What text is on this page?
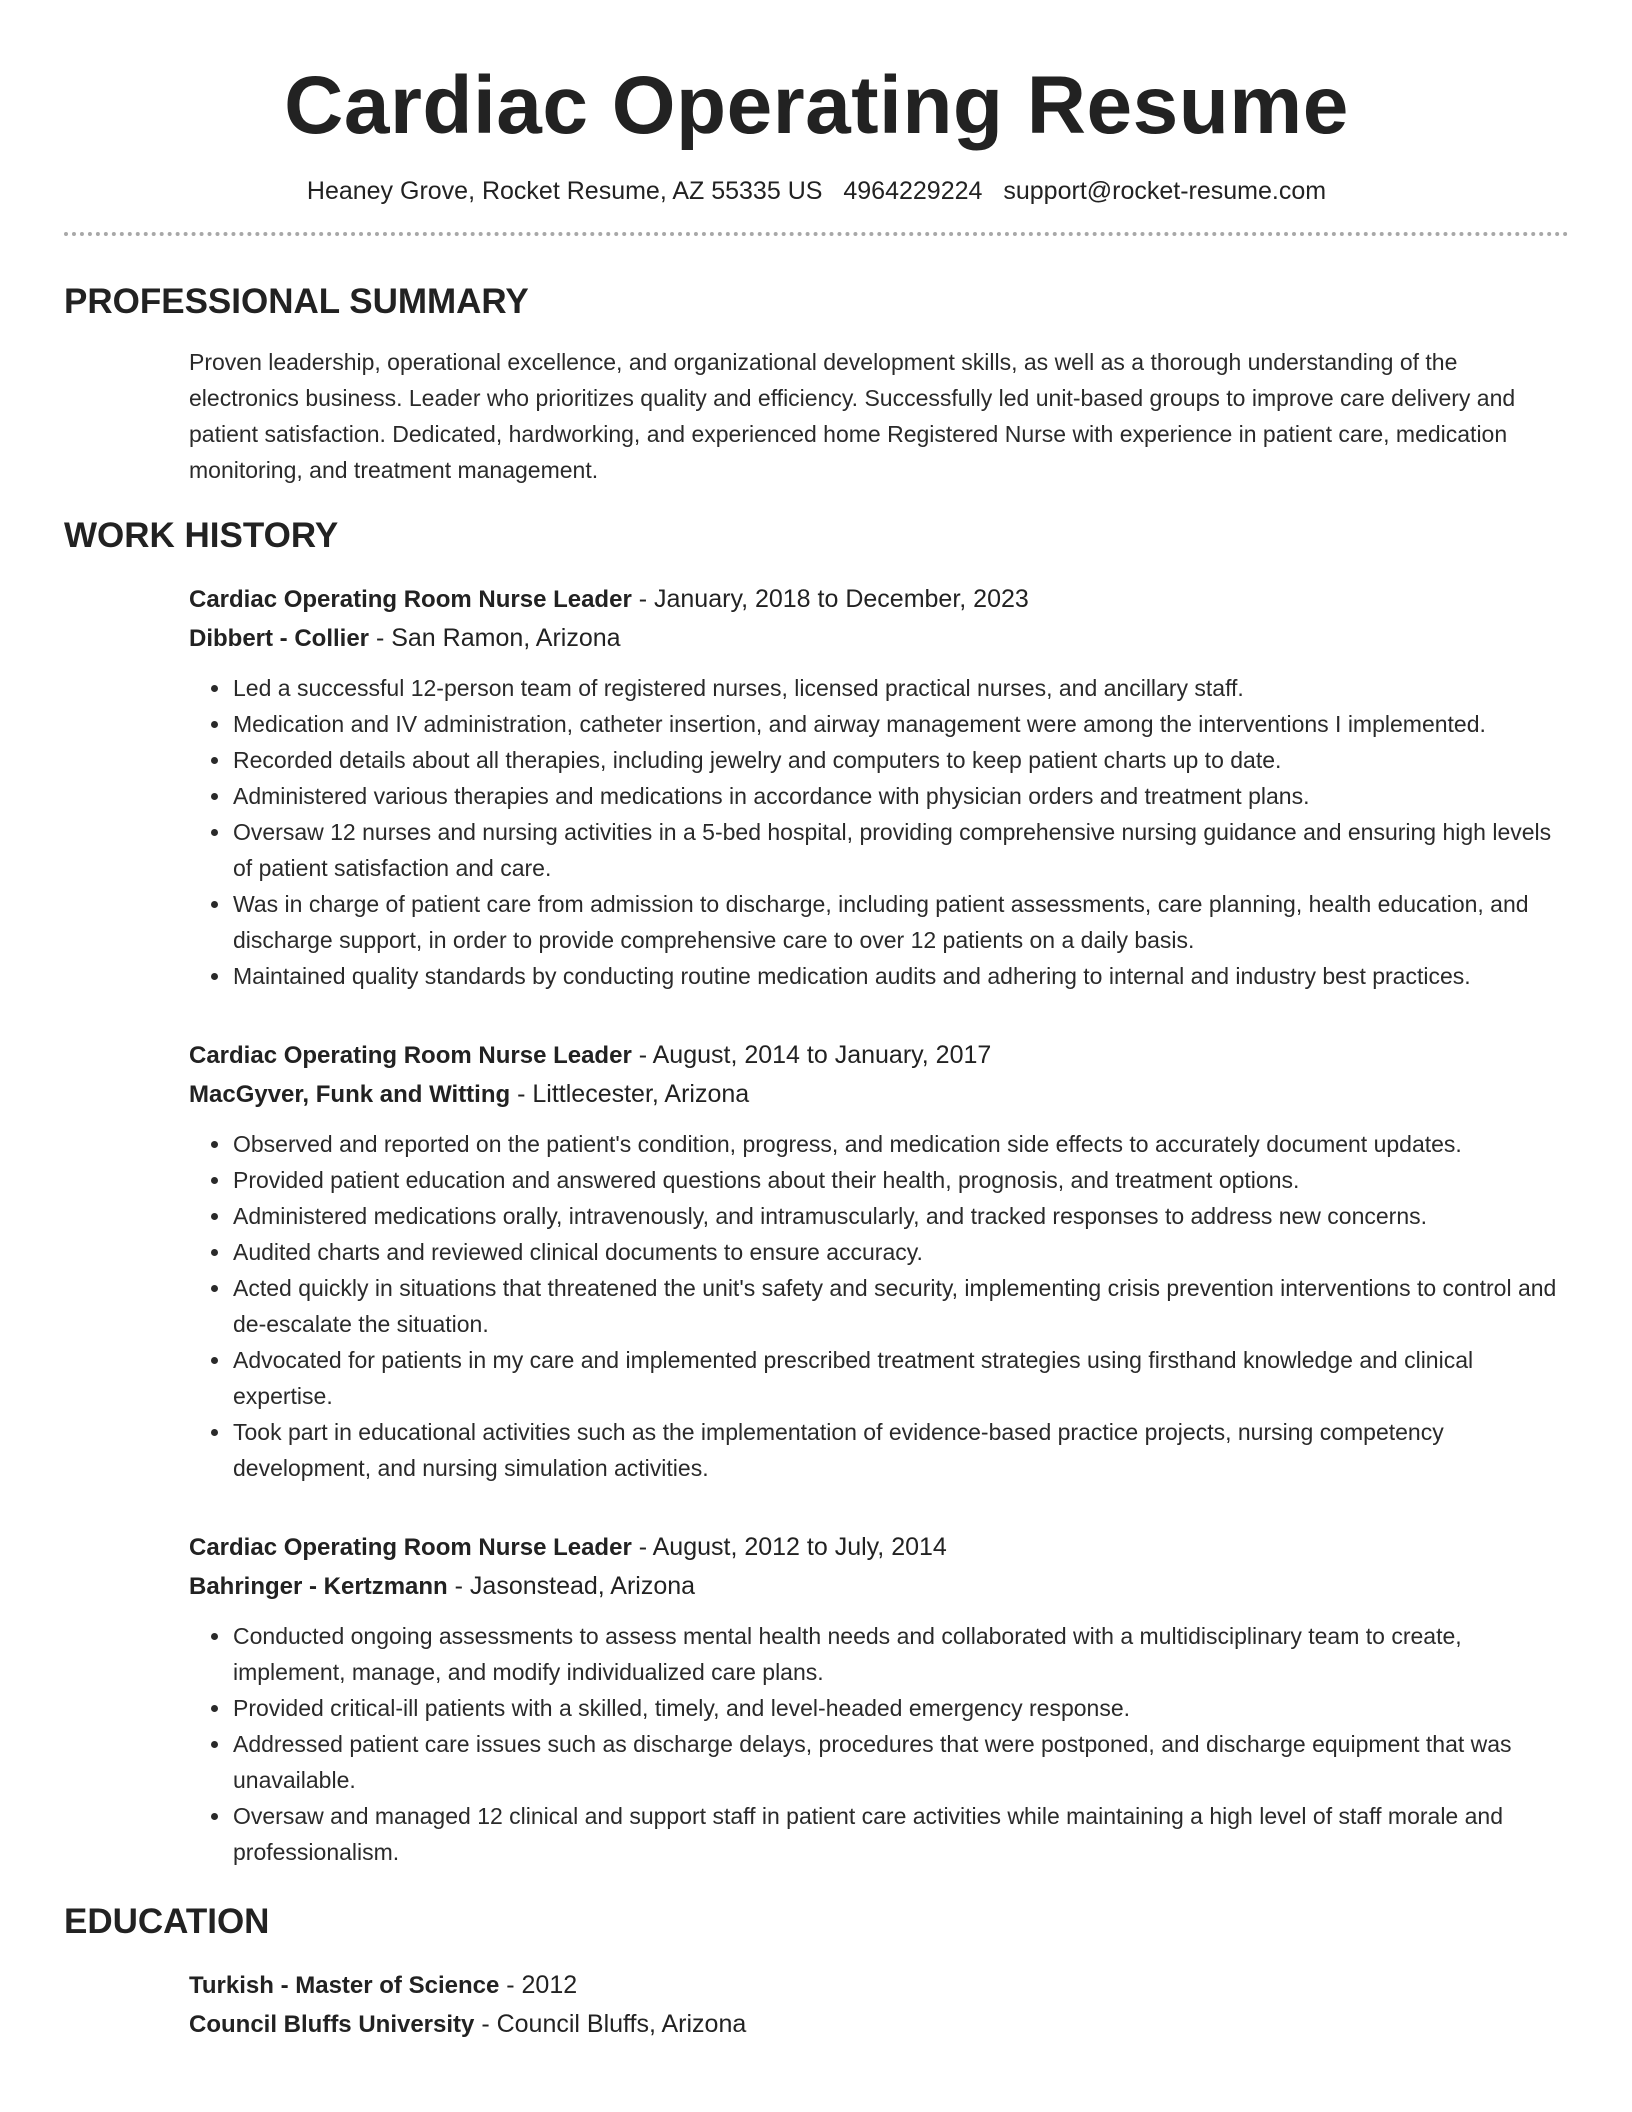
Cardiac Operating Resume
Heaney Grove, Rocket Resume, AZ 55335 US 4964229224 support@rocket-resume.com
PROFESSIONAL SUMMARY

Proven leadership, operational excellence, and organizational development skills, as well as a thorough understanding of the electronics business. Leader who prioritizes quality and efficiency. Successfully led unit-based groups to improve care delivery and patient satisfaction. Dedicated, hardworking, and experienced home Registered Nurse with experience in patient care, medication monitoring, and treatment management.

WORK HISTORY
Cardiac Operating Room Nurse Leader - January, 2018 to December, 2023
Dibbert - Collier - San Ramon, Arizona
• Led a successful 12-person team of registered nurses, licensed practical nurses, and ancillary staff.
• Medication and IV administration, catheter insertion, and airway management were among the interventions I implemented.
• Recorded details about all therapies, including jewelry and computers to keep patient charts up to date.
• Administered various therapies and medications in accordance with physician orders and treatment plans.
• Oversaw 12 nurses and nursing activities in a 5-bed hospital, providing comprehensive nursing guidance and ensuring high levels of patient satisfaction and care.
• Was in charge of patient care from admission to discharge, including patient assessments, care planning, health education, and discharge support, in order to provide comprehensive care to over 12 patients on a daily basis.
• Maintained quality standards by conducting routine medication audits and adhering to internal and industry best practices.
Cardiac Operating Room Nurse Leader - August, 2014 to January, 2017
MacGyver, Funk and Witting - Littlecester, Arizona
• Observed and reported on the patient's condition, progress, and medication side effects to accurately document updates.
• Provided patient education and answered questions about their health, prognosis, and treatment options.
• Administered medications orally, intravenously, and intramuscularly, and tracked responses to address new concerns.
• Audited charts and reviewed clinical documents to ensure accuracy.
• Acted quickly in situations that threatened the unit's safety and security, implementing crisis prevention interventions to control and de-escalate the situation.
• Advocated for patients in my care and implemented prescribed treatment strategies using firsthand knowledge and clinical expertise.
• Took part in educational activities such as the implementation of evidence-based practice projects, nursing competency development, and nursing simulation activities.
Cardiac Operating Room Nurse Leader - August, 2012 to July, 2014
Bahringer - Kertzmann - Jasonstead, Arizona
• Conducted ongoing assessments to assess mental health needs and collaborated with a multidisciplinary team to create, implement, manage, and modify individualized care plans.
• Provided critical-ill patients with a skilled, timely, and level-headed emergency response.
• Addressed patient care issues such as discharge delays, procedures that were postponed, and discharge equipment that was unavailable.
• Oversaw and managed 12 clinical and support staff in patient care activities while maintaining a high level of staff morale and professionalism.
EDUCATION
Turkish - Master of Science - 2012
Council Bluffs University - Council Bluffs, Arizona
